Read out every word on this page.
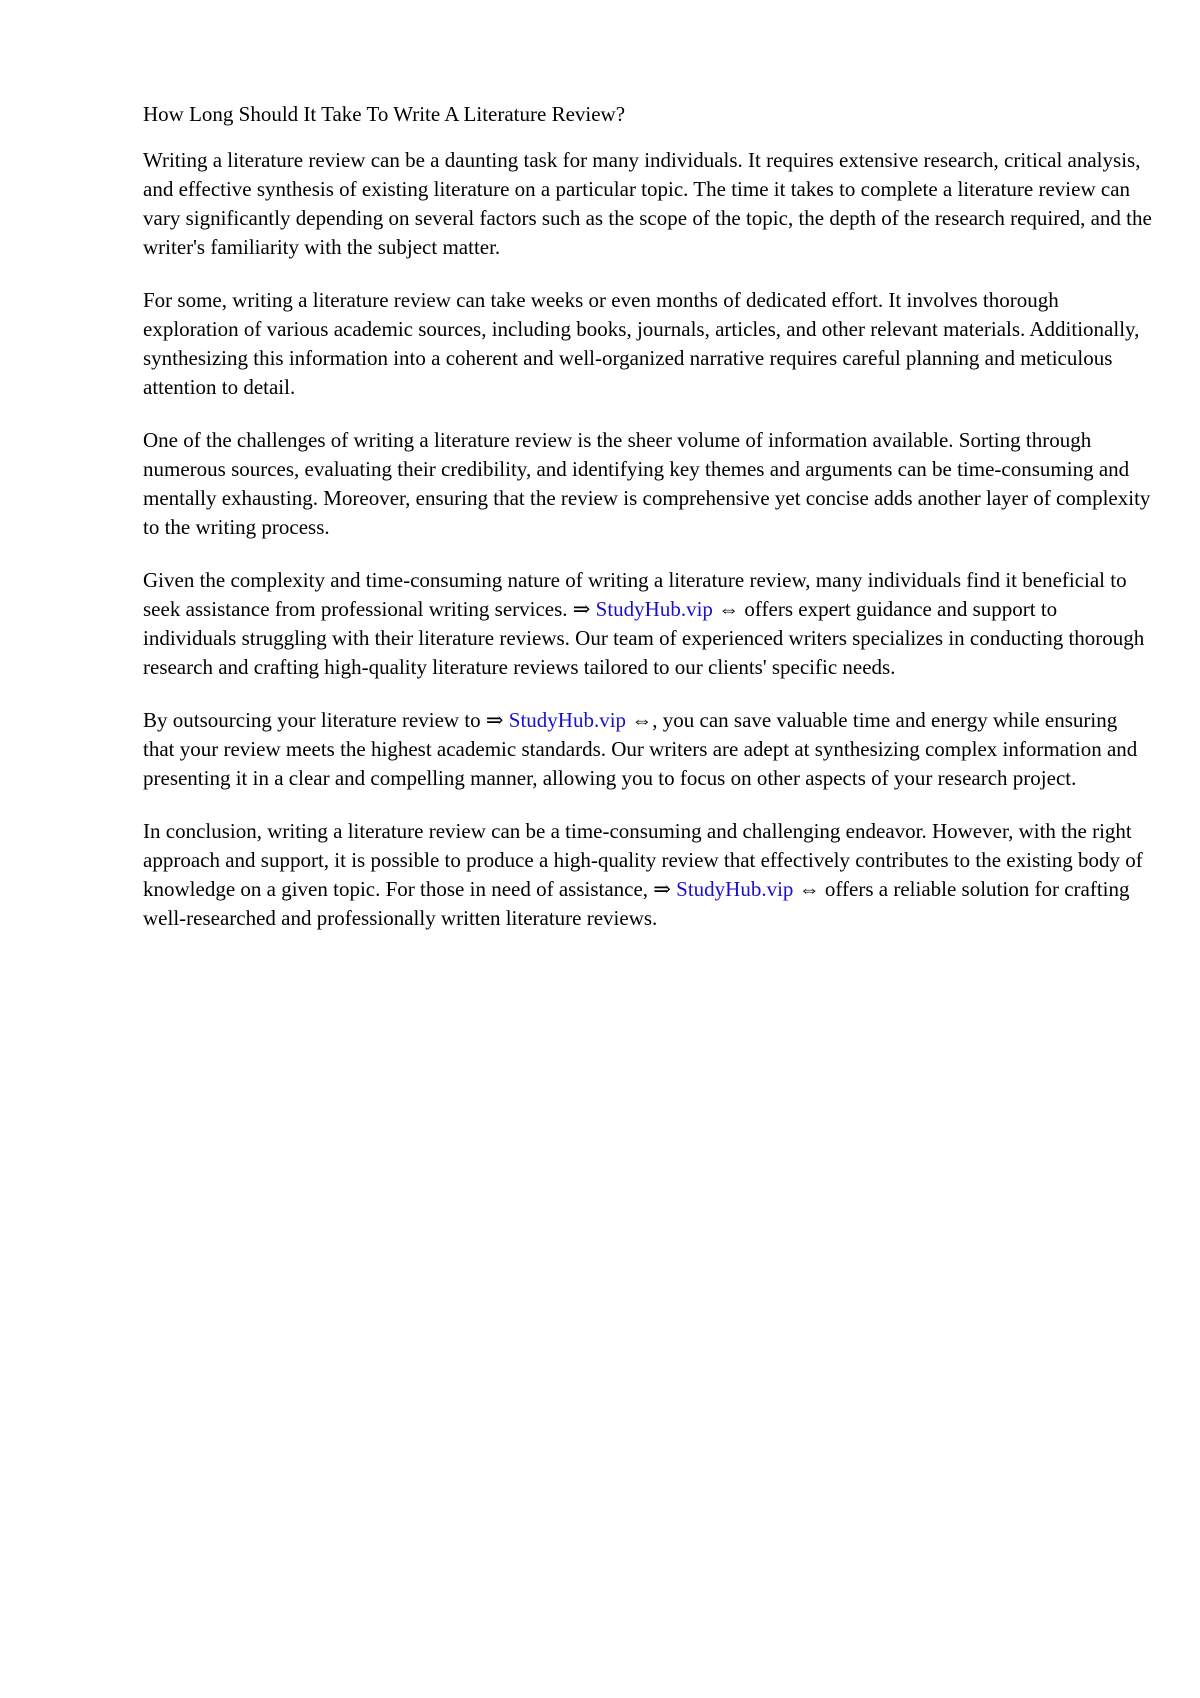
How Long Should It Take To Write A Literature Review?

Writing a literature review can be a daunting task for many individuals. It requires extensive research, critical analysis, and effective synthesis of existing literature on a particular topic. The time it takes to complete a literature review can vary significantly depending on several factors such as the scope of the topic, the depth of the research required, and the writer's familiarity with the subject matter.

For some, writing a literature review can take weeks or even months of dedicated effort. It involves thorough exploration of various academic sources, including books, journals, articles, and other relevant materials. Additionally, synthesizing this information into a coherent and well-organized narrative requires careful planning and meticulous attention to detail.

One of the challenges of writing a literature review is the sheer volume of information available. Sorting through numerous sources, evaluating their credibility, and identifying key themes and arguments can be time-consuming and mentally exhausting. Moreover, ensuring that the review is comprehensive yet concise adds another layer of complexity to the writing process.

Given the complexity and time-consuming nature of writing a literature review, many individuals find it beneficial to seek assistance from professional writing services. ⇒ StudyHub.vip ⇔ offers expert guidance and support to individuals struggling with their literature reviews. Our team of experienced writers specializes in conducting thorough research and crafting high-quality literature reviews tailored to our clients' specific needs.

By outsourcing your literature review to ⇒ StudyHub.vip ⇔, you can save valuable time and energy while ensuring that your review meets the highest academic standards. Our writers are adept at synthesizing complex information and presenting it in a clear and compelling manner, allowing you to focus on other aspects of your research project.

In conclusion, writing a literature review can be a time-consuming and challenging endeavor. However, with the right approach and support, it is possible to produce a high-quality review that effectively contributes to the existing body of knowledge on a given topic. For those in need of assistance, ⇒ StudyHub.vip ⇔ offers a reliable solution for crafting well-researched and professionally written literature reviews.
